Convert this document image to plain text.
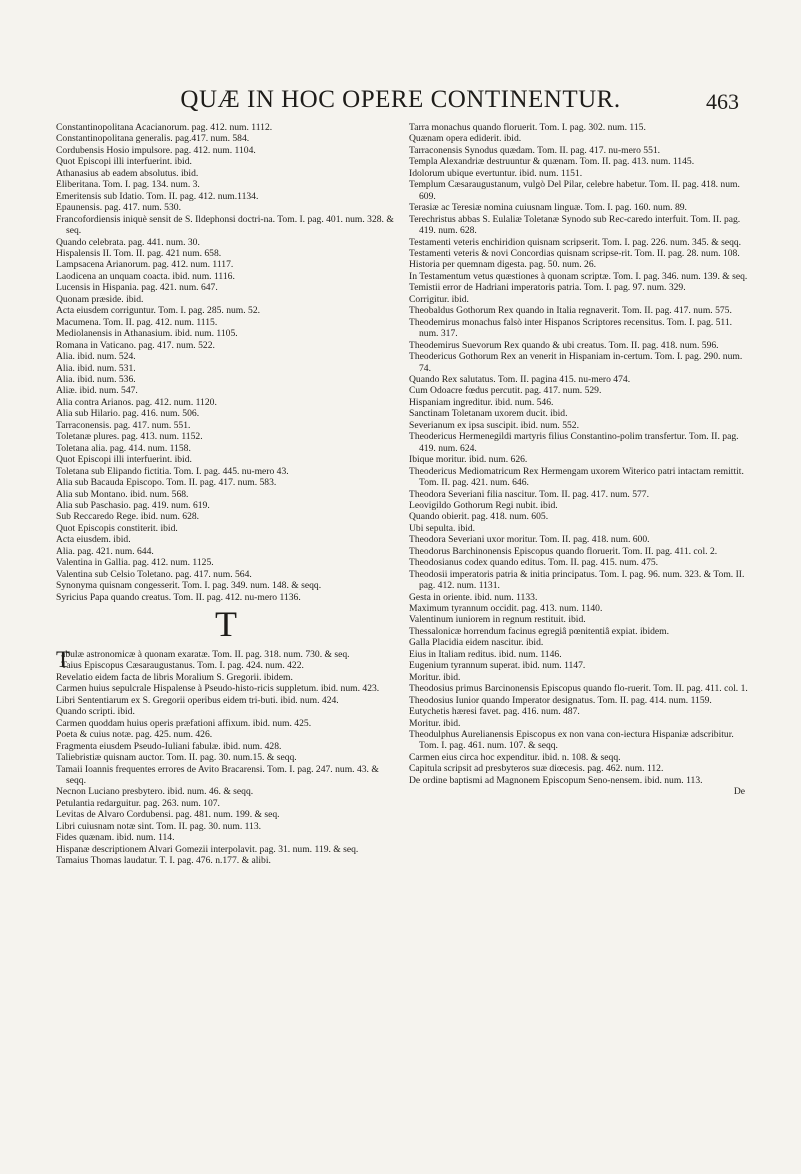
QUÆ IN HOC OPERE CONTINENTUR.	463
Constantinopolitana Acacianorum. pag. 412. num. 1112.
Constantinopolitana generalis. pag.417. num. 584.
Cordubensis Hosio impulsore. pag. 412. num. 1104.
Quot Episcopi illi interfuerint. ibid.
Athanasius ab eadem absolutus. ibid.
Eliberitana. Tom. I. pag. 134. num. 3.
Emeritensis sub Idatio. Tom. II. pag. 412. num.1134.
Epaunensis. pag. 417. num. 530.
Francofordiensis iniquè sensit de S. Ildephonsi doctri-na. Tom. I. pag. 401. num. 328. & seq.
Quando celebrata. pag. 441. num. 30.
Hispalensis II. Tom. II. pag. 421 num. 658.
Lampsacena Arianorum. pag. 412. num. 1117.
Laodicena an unquam coacta. ibid. num. 1116.
Lucensis in Hispania. pag. 421. num. 647.
Quonam præside. ibid.
Acta eiusdem corriguntur. Tom. I. pag. 285. num. 52.
Macumena. Tom. II. pag. 412. num. 1115.
Mediolanensis in Athanasium. ibid. num. 1105.
Romana in Vaticano. pag. 417. num. 522.
Alia. ibid. num. 524.
Alia. ibid. num. 531.
Alia. ibid. num. 536.
Aliæ. ibid. num. 547.
Alia contra Arianos. pag. 412. num. 1120.
Alia sub Hilario. pag. 416. num. 506.
Tarraconensis. pag. 417. num. 551.
Toletanæ plures. pag. 413. num. 1152.
Toletana alia. pag. 414. num. 1158.
Quot Episcopi illi interfuerint. ibid.
Toletana sub Elipando fictitia. Tom. I. pag. 445. nu-mero 43.
Alia sub Bacauda Episcopo. Tom. II. pag. 417. num. 583.
Alia sub Montano. ibid. num. 568.
Alia sub Paschasio. pag. 419. num. 619.
Sub Reccaredo Rege. ibid. num. 628.
Quot Episcopis constiterit. ibid.
Acta eiusdem. ibid.
Alia. pag. 421. num. 644.
Valentina in Gallia. pag. 412. num. 1125.
Valentina sub Celsio Toletano. pag. 417. num. 564.
Synonyma quisnam congesserit. Tom. I. pag. 349. num. 148. & seqq.
Syricius Papa quando creatus. Tom. II. pag. 412. nu-mero 1136.
T
T
abulæ astronomicæ à quonam exaratæ. Tom. II. pag. 318. num. 730. & seq.
Taius Episcopus Cæsaraugustanus. Tom. I. pag. 424. num. 422.
Revelatio eidem facta de libris Moralium S. Gregorii. ibidem.
Carmen huius sepulcrale Hispalense à Pseudo-histo-ricis suppletum. ibid. num. 423.
Libri Sententiarum ex S. Gregorii operibus eidem tri-buti. ibid. num. 424.
Quando scripti. ibid.
Carmen quoddam huius operis præfationi affixum. ibid. num. 425.
Poeta & cuius notæ. pag. 425. num. 426.
Fragmenta eiusdem Pseudo-Iuliani fabulæ. ibid. num. 428.
Taliebristiæ quisnam auctor. Tom. II. pag. 30. num.15. & seqq.
Tamaii Ioannis frequentes errores de Avito Bracarensi. Tom. I. pag. 247. num. 43. & seqq.
Necnon Luciano presbytero. ibid. num. 46. & seqq.
Petulantia redarguitur. pag. 263. num. 107.
Levitas de Alvaro Cordubensi. pag. 481. num. 199. & seq.
Libri cuiusnam notæ sint. Tom. II. pag. 30. num. 113.
Fides quænam. ibid. num. 114.
Hispanæ descriptionem Alvari Gomezii interpolavit. pag. 31. num. 119. & seq.
Tamaius Thomas laudatur. T. I. pag. 476. n.177. & alibi.
Tarra monachus quando floruerit. Tom. I. pag. 302. num. 115.
Quænam opera ediderit. ibid.
Tarraconensis Synodus quædam. Tom. II. pag. 417. nu-mero 551.
Templa Alexandriæ destruuntur & quænam. Tom. II. pag. 413. num. 1145.
Idolorum ubique evertuntur. ibid. num. 1151.
Templum Cæsaraugustanum, vulgò Del Pilar, celebre habetur. Tom. II. pag. 418. num. 609.
Terasiæ ac Teresiæ nomina cuiusnam linguæ. Tom. I. pag. 160. num. 89.
Terechristus abbas S. Eulaliæ Toletanæ Synodo sub Rec-caredo interfuit. Tom. II. pag. 419. num. 628.
Testamenti veteris enchiridion quisnam scripserit. Tom. I. pag. 226. num. 345. & seqq.
Testamenti veteris & novi Concordias quisnam scripse-rit. Tom. II. pag. 28. num. 108.
Historia per quemnam digesta. pag. 50. num. 26.
In Testamentum vetus quæstiones à quonam scriptæ. Tom. I. pag. 346. num. 139. & seq.
Temistii error de Hadriani imperatoris patria. Tom. I. pag. 97. num. 329.
Corrigitur. ibid.
Theobaldus Gothorum Rex quando in Italia regnaverit. Tom. II. pag. 417. num. 575.
Theodemirus monachus falsò inter Hispanos Scriptores recensitus. Tom. I. pag. 511. num. 317.
Theodemirus Suevorum Rex quando & ubi creatus. Tom. II. pag. 418. num. 596.
Theodericus Gothorum Rex an venerit in Hispaniam in-certum. Tom. I. pag. 290. num. 74.
Quando Rex salutatus. Tom. II. pagina 415. nu-mero 474.
Cum Odoacre fœdus percutit. pag. 417. num. 529.
Hispaniam ingreditur. ibid. num. 546.
Sanctinam Toletanam uxorem ducit. ibid.
Severianum ex ipsa suscipit. ibid. num. 552.
Theodericus Hermenegildi martyris filius Constantino-polim transfertur. Tom. II. pag. 419. num. 624.
Ibique moritur. ibid. num. 626.
Theodericus Mediomatricum Rex Hermengam uxorem Witerico patri intactam remittit. Tom. II. pag. 421. num. 646.
Theodora Severiani filia nascitur. Tom. II. pag. 417. num. 577.
Leovigildo Gothorum Regi nubit. ibid.
Quando obierit. pag. 418. num. 605.
Ubi sepulta. ibid.
Theodora Severiani uxor moritur. Tom. II. pag. 418. num. 600.
Theodorus Barchinonensis Episcopus quando floruerit. Tom. II. pag. 411. col. 2.
Theodosianus codex quando editus. Tom. II. pag. 415. num. 475.
Theodosii imperatoris patria & initia principatus. Tom. I. pag. 96. num. 323. & Tom. II. pag. 412. num. 1131.
Gesta in oriente. ibid. num. 1133.
Maximum tyrannum occidit. pag. 413. num. 1140.
Valentinum iuniorem in regnum restituit. ibid.
Thessalonicæ horrendum facinus egregiâ pœnitentiâ expiat. ibidem.
Galla Placidia eidem nascitur. ibid.
Eius in Italiam reditus. ibid. num. 1146.
Eugenium tyrannum superat. ibid. num. 1147.
Moritur. ibid.
Theodosius primus Barcinonensis Episcopus quando flo-ruerit. Tom. II. pag. 411. col. 1.
Theodosius Iunior quando Imperator designatus. Tom. II. pag. 414. num. 1159.
Eutychetis hæresi favet. pag. 416. num. 487.
Moritur. ibid.
Theodulphus Aurelianensis Episcopus ex non vana con-iectura Hispaniæ adscribitur. Tom. I. pag. 461. num. 107. & seqq.
Carmen eius circa hoc expenditur. ibid. n. 108. & seqq.
Capitula scripsit ad presbyteros suæ diœcesis. pag. 462. num. 112.
De ordine baptismi ad Magnonem Episcopum Seno-nensem. ibid. num. 113.
De
